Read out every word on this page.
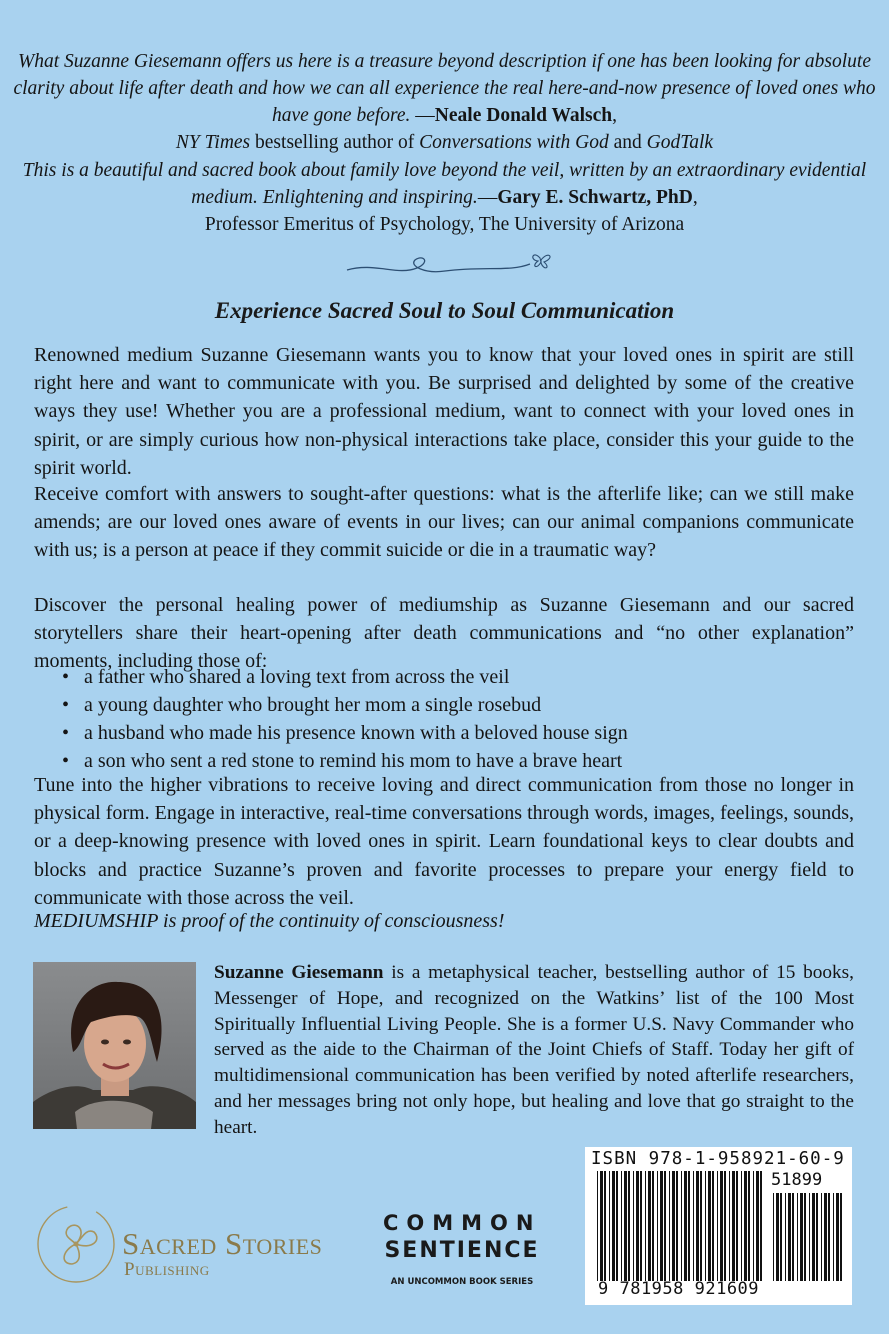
What Suzanne Giesemann offers us here is a treasure beyond description if one has been looking for absolute clarity about life after death and how we can all experience the real here-and-now presence of loved ones who have gone before. —Neale Donald Walsch,
NY Times bestselling author of Conversations with God and GodTalk
This is a beautiful and sacred book about family love beyond the veil, written by an extraordinary evidential medium. Enlightening and inspiring.—Gary E. Schwartz, PhD,
Professor Emeritus of Psychology, The University of Arizona
Experience Sacred Soul to Soul Communication

Renowned medium Suzanne Giesemann wants you to know that your loved ones in spirit are still right here and want to communicate with you. Be surprised and delighted by some of the creative ways they use! Whether you are a professional medium, want to connect with your loved ones in spirit, or are simply curious how non-physical interactions take place, consider this your guide to the spirit world.

Receive comfort with answers to sought-after questions: what is the afterlife like; can we still make amends; are our loved ones aware of events in our lives; can our animal companions communicate with us; is a person at peace if they commit suicide or die in a traumatic way?

Discover the personal healing power of mediumship as Suzanne Giesemann and our sacred storytellers share their heart-opening after death communications and “no other explanation” moments, including those of:

• a father who shared a loving text from across the veil
• a young daughter who brought her mom a single rosebud
• a husband who made his presence known with a beloved house sign
• a son who sent a red stone to remind his mom to have a brave heart

Tune into the higher vibrations to receive loving and direct communication from those no longer in physical form. Engage in interactive, real-time conversations through words, images, feelings, sounds, or a deep-knowing presence with loved ones in spirit. Learn foundational keys to clear doubts and blocks and practice Suzanne’s proven and favorite processes to prepare your energy field to communicate with those across the veil.

MEDIUMSHIP is proof of the continuity of consciousness!

Suzanne Giesemann is a metaphysical teacher, bestselling author of 15 books, Messenger of Hope, and recognized on the Watkins’ list of the 100 Most Spiritually Influential Living People. She is a former U.S. Navy Commander who served as the aide to the Chairman of the Joint Chiefs of Staff. Today her gift of multidimensional communication has been verified by noted afterlife researchers, and her messages bring not only hope, but healing and love that go straight to the heart.

Sacred Stories
Publishing
COMMON
SENTIENCE
AN UNCOMMON BOOK SERIES
ISBN 978-1-958921-60-9
51899
9 781958 921609
